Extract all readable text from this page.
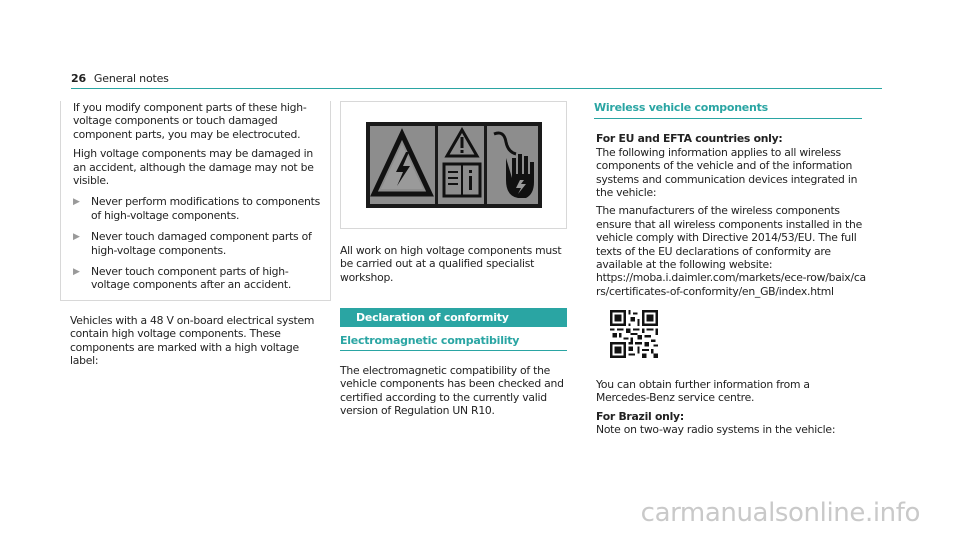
26 General notes

If you modify component parts of these high-voltage components or touch damaged component parts, you may be electrocuted.

High voltage components may be damaged in an accident, although the damage may not be visible.

▶	Never perform modifications to components of high-voltage components.
▶	Never touch damaged component parts of high-voltage components.
▶	Never touch component parts of high-voltage components after an accident.

Vehicles with a 48 V on-board electrical system contain high voltage components. These components are marked with a high voltage label:

All work on high voltage components must be carried out at a qualified specialist workshop.

Declaration of conformity
Electromagnetic compatibility

The electromagnetic compatibility of the vehicle components has been checked and certified according to the currently valid version of Regulation UN R10.

Wireless vehicle components

For EU and EFTA countries only:

The following information applies to all wireless components of the vehicle and of the information systems and communication devices integrated in the vehicle:

The manufacturers of the wireless components ensure that all wireless components installed in the vehicle comply with Directive 2014/53/EU. The full texts of the EU declarations of conformity are available at the following website:

https://moba.i.daimler.com/markets/ece-row/baix/cars/certificates-of-conformity/en_GB/index.html

You can obtain further information from a Mercedes-Benz service centre.

For Brazil only:

Note on two-way radio systems in the vehicle:

carmanualsonline.info
